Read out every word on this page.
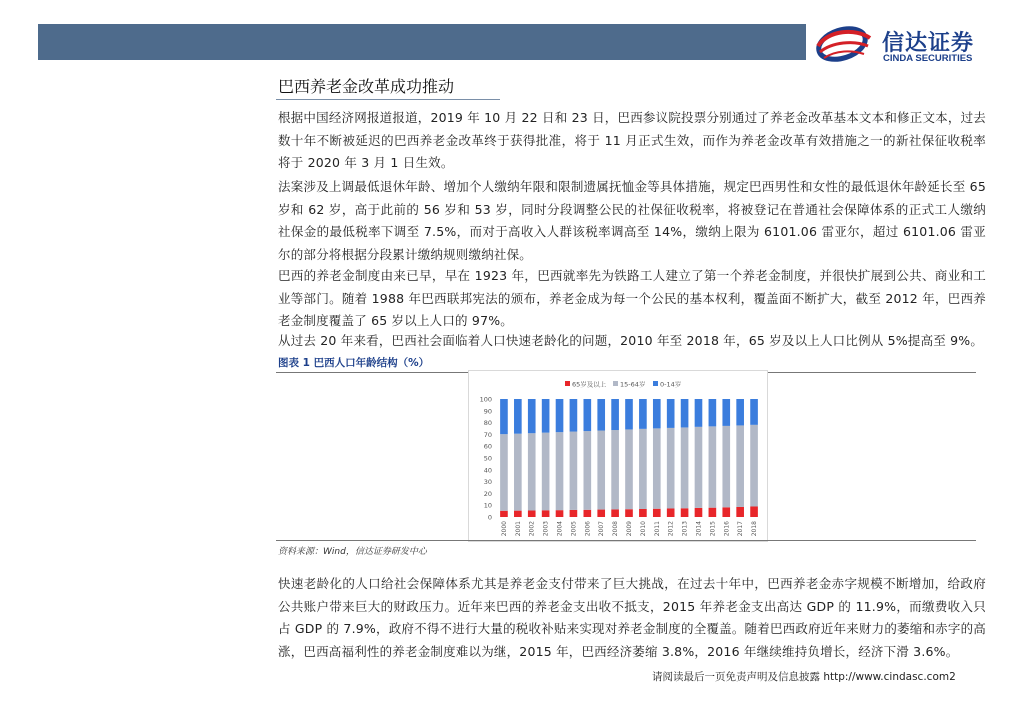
信达证券
CINDA SECURITIES
巴西养老金改革成功推动
根据中国经济网报道报道，2019 年 10 月 22 日和 23 日，巴西参议院投票分别通过了养老金改革基本文本和修正文本，过去数十年不断被延迟的巴西养老金改革终于获得批准，将于 11 月正式生效，而作为养老金改革有效措施之一的新社保征收税率将于 2020 年 3 月 1 日生效。
法案涉及上调最低退休年龄、增加个人缴纳年限和限制遗属抚恤金等具体措施，规定巴西男性和女性的最低退休年龄延长至 65 岁和 62 岁，高于此前的 56 岁和 53 岁，同时分段调整公民的社保征收税率，将被登记在普通社会保障体系的正式工人缴纳社保金的最低税率下调至 7.5%，而对于高收入人群该税率调高至 14%，缴纳上限为 6101.06 雷亚尔，超过 6101.06 雷亚尔的部分将根据分段累计缴纳规则缴纳社保。
巴西的养老金制度由来已早，早在 1923 年，巴西就率先为铁路工人建立了第一个养老金制度，并很快扩展到公共、商业和工业等部门。随着 1988 年巴西联邦宪法的颁布，养老金成为每一个公民的基本权利，覆盖面不断扩大，截至 2012 年，巴西养老金制度覆盖了 65 岁以上人口的 97%。
从过去 20 年来看，巴西社会面临着人口快速老龄化的问题，2010 年至 2018 年，65 岁及以上人口比例从 5%提高至 9%。
图表 1 巴西人口年龄结构（%）
65岁及以上 15-64岁 0-14岁
0
10
20
30
40
50
60
70
80
90
100
2000 2001 2002 2003 2004 2005 2006 2007 2008 2009 2010 2011 2012 2013 2014 2015 2016 2017 2018
资料来源：Wind，信达证券研发中心
快速老龄化的人口给社会保障体系尤其是养老金支付带来了巨大挑战，在过去十年中，巴西养老金赤字规模不断增加，给政府公共账户带来巨大的财政压力。近年来巴西的养老金支出收不抵支，2015 年养老金支出高达 GDP 的 11.9%，而缴费收入只占 GDP 的 7.9%，政府不得不进行大量的税收补贴来实现对养老金制度的全覆盖。随着巴西政府近年来财力的萎缩和赤字的高涨，巴西高福利性的养老金制度难以为继，2015 年，巴西经济萎缩 3.8%，2016 年继续维持负增长，经济下滑 3.6%。
请阅读最后一页免责声明及信息披露 http://www.cindasc.com2
